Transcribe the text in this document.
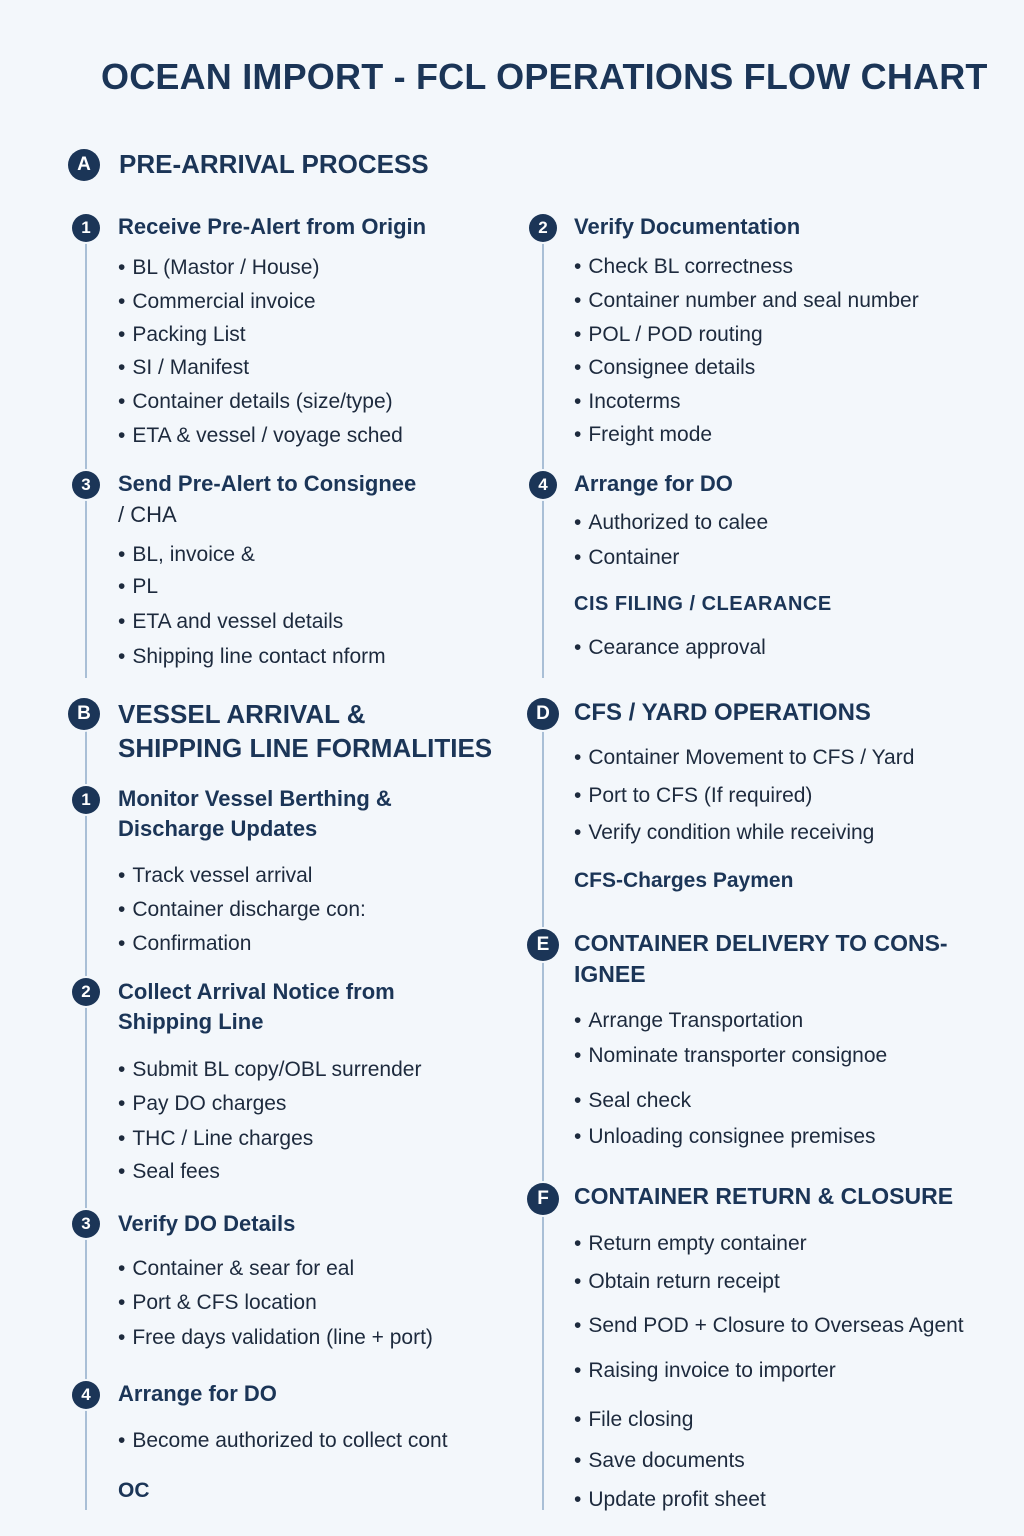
OCEAN IMPORT - FCL OPERATIONS FLOW CHART
A PRE-ARRIVAL PROCESS
1 Receive Pre-Alert from Origin
• BL (Mastor / House)
• Commercial invoice
• Packing List
• SI / Manifest
• Container details (size/type)
• ETA & vessel / voyage sched
3 Send Pre-Alert to Consignee
/ CHA
• BL, invoice &
• PL
• ETA and vessel details
• Shipping line contact nform
B VESSEL ARRIVAL &
SHIPPING LINE FORMALITIES
1 Monitor Vessel Berthing &
Discharge Updates
• Track vessel arrival
• Container discharge con:
• Confirmation
2 Collect Arrival Notice from
Shipping Line
• Submit BL copy/OBL surrender
• Pay DO charges
• THC / Line charges
• Seal fees
3 Verify DO Details
• Container & sear for eal
• Port & CFS location
• Free days validation (line + port)
4 Arrange for DO
• Become authorized to collect cont
OC
2 Verify Documentation
• Check BL correctness
• Container number and seal number
• POL / POD routing
• Consignee details
• Incoterms
• Freight mode
4 Arrange for DO
• Authorized to calee
• Container
CIS FILING / CLEARANCE
• Cearance approval
D CFS / YARD OPERATIONS
• Container Movement to CFS / Yard
• Port to CFS (If required)
• Verify condition while receiving
CFS-Charges Paymen
E CONTAINER DELIVERY TO CONS-
IGNEE
• Arrange Transportation
• Nominate transporter consignoe
• Seal check
• Unloading consignee premises
F CONTAINER RETURN & CLOSURE
• Return empty container
• Obtain return receipt
• Send POD + Closure to Overseas Agent
• Raising invoice to importer
• File closing
• Save documents
• Update profit sheet
